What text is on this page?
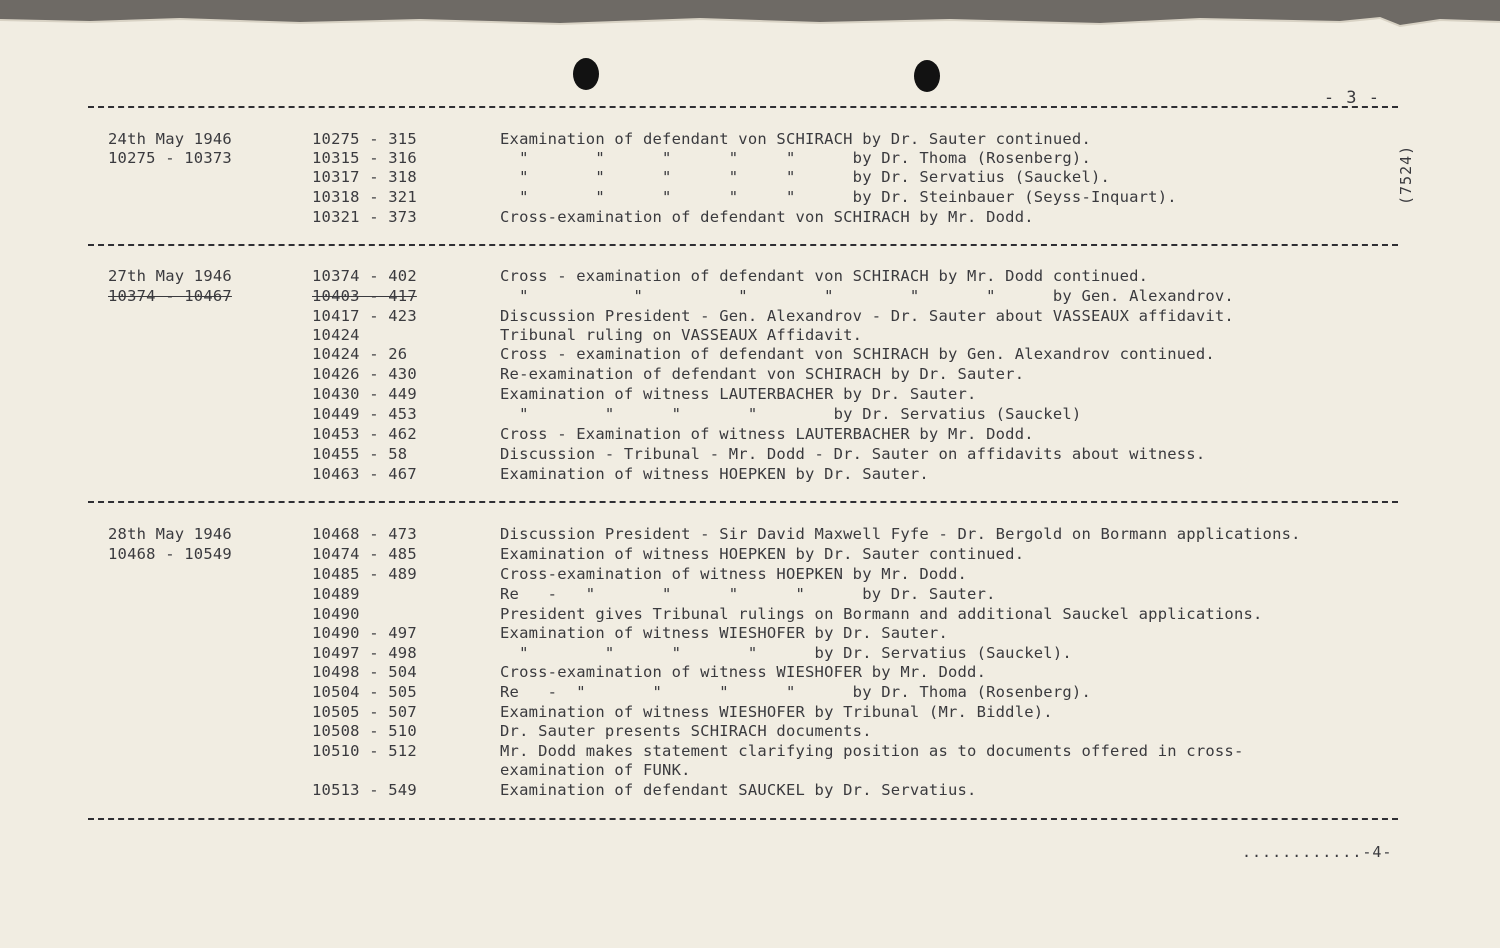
- 3 -
(7524)
24th May 1946
10275 - 10373
10275 - 315	Examination of defendant von SCHIRACH by Dr. Sauter continued.
10315 - 316	"       "      "      "     "      by Dr. Thoma (Rosenberg).
10317 - 318	"       "      "      "     "      by Dr. Servatius (Sauckel).
10318 - 321	"       "      "      "     "      by Dr. Steinbauer (Seyss-Inquart).
10321 - 373	Cross-examination of defendant von SCHIRACH by Mr. Dodd.
27th May 1946
10374 - 10467
10374 - 402	Cross - examination of defendant von SCHIRACH by Mr. Dodd continued.
10403 - 417	"           "          "        "        "       "      by Gen. Alexandrov.
10417 - 423	Discussion President - Gen. Alexandrov - Dr. Sauter about VASSEAUX affidavit.
10424	Tribunal ruling on VASSEAUX Affidavit.
10424 - 26	Cross - examination of defendant von SCHIRACH by Gen. Alexandrov continued.
10426 - 430	Re-examination of defendant von SCHIRACH by Dr. Sauter.
10430 - 449	Examination of witness LAUTERBACHER by Dr. Sauter.
10449 - 453	"        "      "       "        by Dr. Servatius (Sauckel)
10453 - 462	Cross - Examination of witness LAUTERBACHER by Mr. Dodd.
10455 - 58	Discussion - Tribunal - Mr. Dodd - Dr. Sauter on affidavits about witness.
10463 - 467	Examination of witness HOEPKEN by Dr. Sauter.
28th May 1946
10468 - 10549
10468 - 473	Discussion President - Sir David Maxwell Fyfe - Dr. Bergold on Bormann applications.
10474 - 485	Examination of witness HOEPKEN by Dr. Sauter continued.
10485 - 489	Cross-examination of witness HOEPKEN by Mr. Dodd.
10489	Re   -   "       "      "      "      by Dr. Sauter.
10490	President gives Tribunal rulings on Bormann and additional Sauckel applications.
10490 - 497	Examination of witness WIESHOFER by Dr. Sauter.
10497 - 498	"        "      "       "      by Dr. Servatius (Sauckel).
10498 - 504	Cross-examination of witness WIESHOFER by Mr. Dodd.
10504 - 505	Re   -  "       "      "      "      by Dr. Thoma (Rosenberg).
10505 - 507	Examination of witness WIESHOFER by Tribunal (Mr. Biddle).
10508 - 510	Dr. Sauter presents SCHIRACH documents.
10510 - 512	Mr. Dodd makes statement clarifying position as to documents offered in cross-
examination of FUNK.
10513 - 549	Examination of defendant SAUCKEL by Dr. Servatius.
............-4-
